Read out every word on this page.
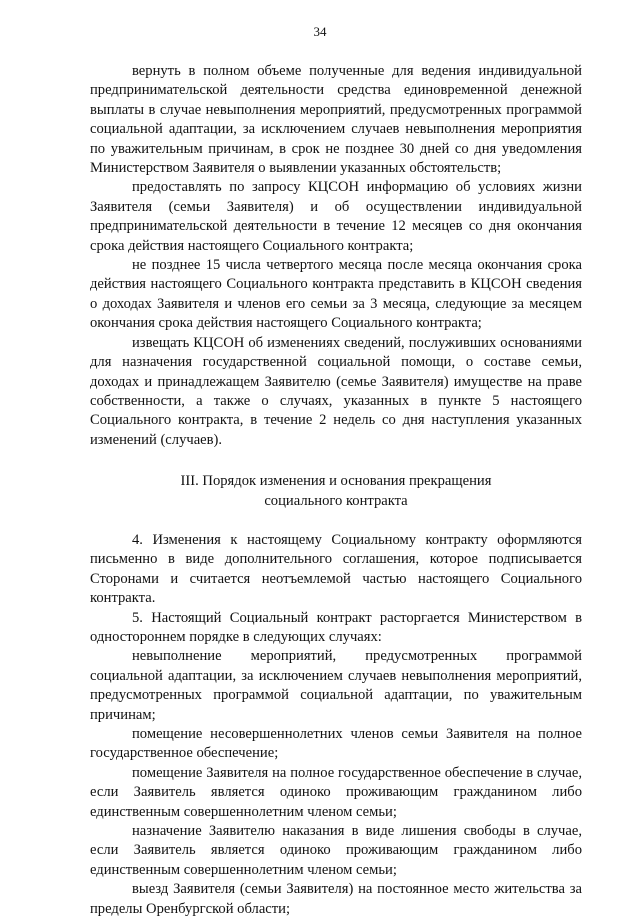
34

вернуть в полном объеме полученные для ведения индивидуальной предпринимательской деятельности средства единовременной денежной выплаты в случае невыполнения мероприятий, предусмотренных программой социальной адаптации, за исключением случаев невыполнения мероприятия по уважительным причинам, в срок не позднее 30 дней со дня уведомления Министерством Заявителя о выявлении указанных обстоятельств;

предоставлять по запросу КЦСОН информацию об условиях жизни Заявителя (семьи Заявителя) и об осуществлении индивидуальной предпринимательской деятельности в течение 12 месяцев со дня окончания срока действия настоящего Социального контракта;

не позднее 15 числа четвертого месяца после месяца окончания срока действия настоящего Социального контракта представить в КЦСОН сведения о доходах Заявителя и членов его семьи за 3 месяца, следующие за месяцем окончания срока действия настоящего Социального контракта;

извещать КЦСОН об изменениях сведений, послуживших основаниями для назначения государственной социальной помощи, о составе семьи, доходах и принадлежащем Заявителю (семье Заявителя) имуществе на праве собственности, а также о случаях, указанных в пункте 5 настоящего Социального контракта, в течение 2 недель со дня наступления указанных изменений (случаев).

III. Порядок изменения и основания прекращения
социального контракта

4. Изменения к настоящему Социальному контракту оформляются письменно в виде дополнительного соглашения, которое подписывается Сторонами и считается неотъемлемой частью настоящего Социального контракта.

5. Настоящий Социальный контракт расторгается Министерством в одностороннем порядке в следующих случаях:

невыполнение мероприятий, предусмотренных программой социальной адаптации, за исключением случаев невыполнения мероприятий, предусмотренных программой социальной адаптации, по уважительным причинам;

помещение несовершеннолетних членов семьи Заявителя на полное государственное обеспечение;

помещение Заявителя на полное государственное обеспечение в случае, если Заявитель является одиноко проживающим гражданином либо единственным совершеннолетним членом семьи;

назначение Заявителю наказания в виде лишения свободы в случае, если Заявитель является одиноко проживающим гражданином либо единственным совершеннолетним членом семьи;

выезд Заявителя (семьи Заявителя) на постоянное место жительства за пределы Оренбургской области;
